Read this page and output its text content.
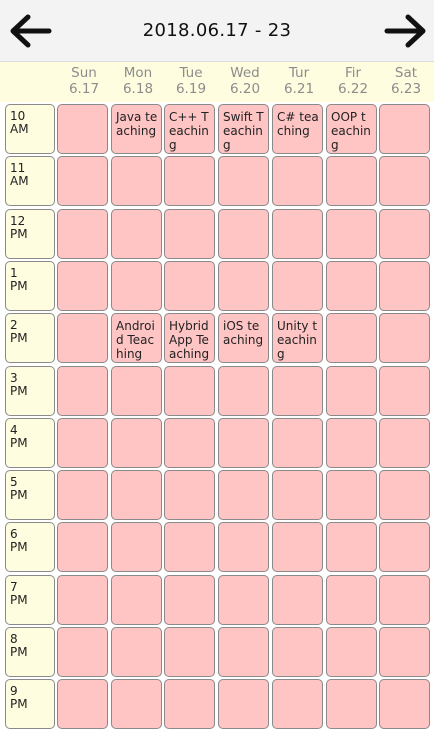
2018.06.17 - 23
Sun
6.17
Mon
6.18
Tue
6.19
Wed
6.20
Tur
6.21
Fir
6.22
Sat
6.23
10
AM
Java teaching
C++ Teaching
Swift Teaching
C# teaching
OOP teaching
11
AM
12
PM
1
PM
2
PM
Android Teaching
HybridApp Teaching
iOS teaching
Unity teaching
3
PM
4
PM
5
PM
6
PM
7
PM
8
PM
9
PM
